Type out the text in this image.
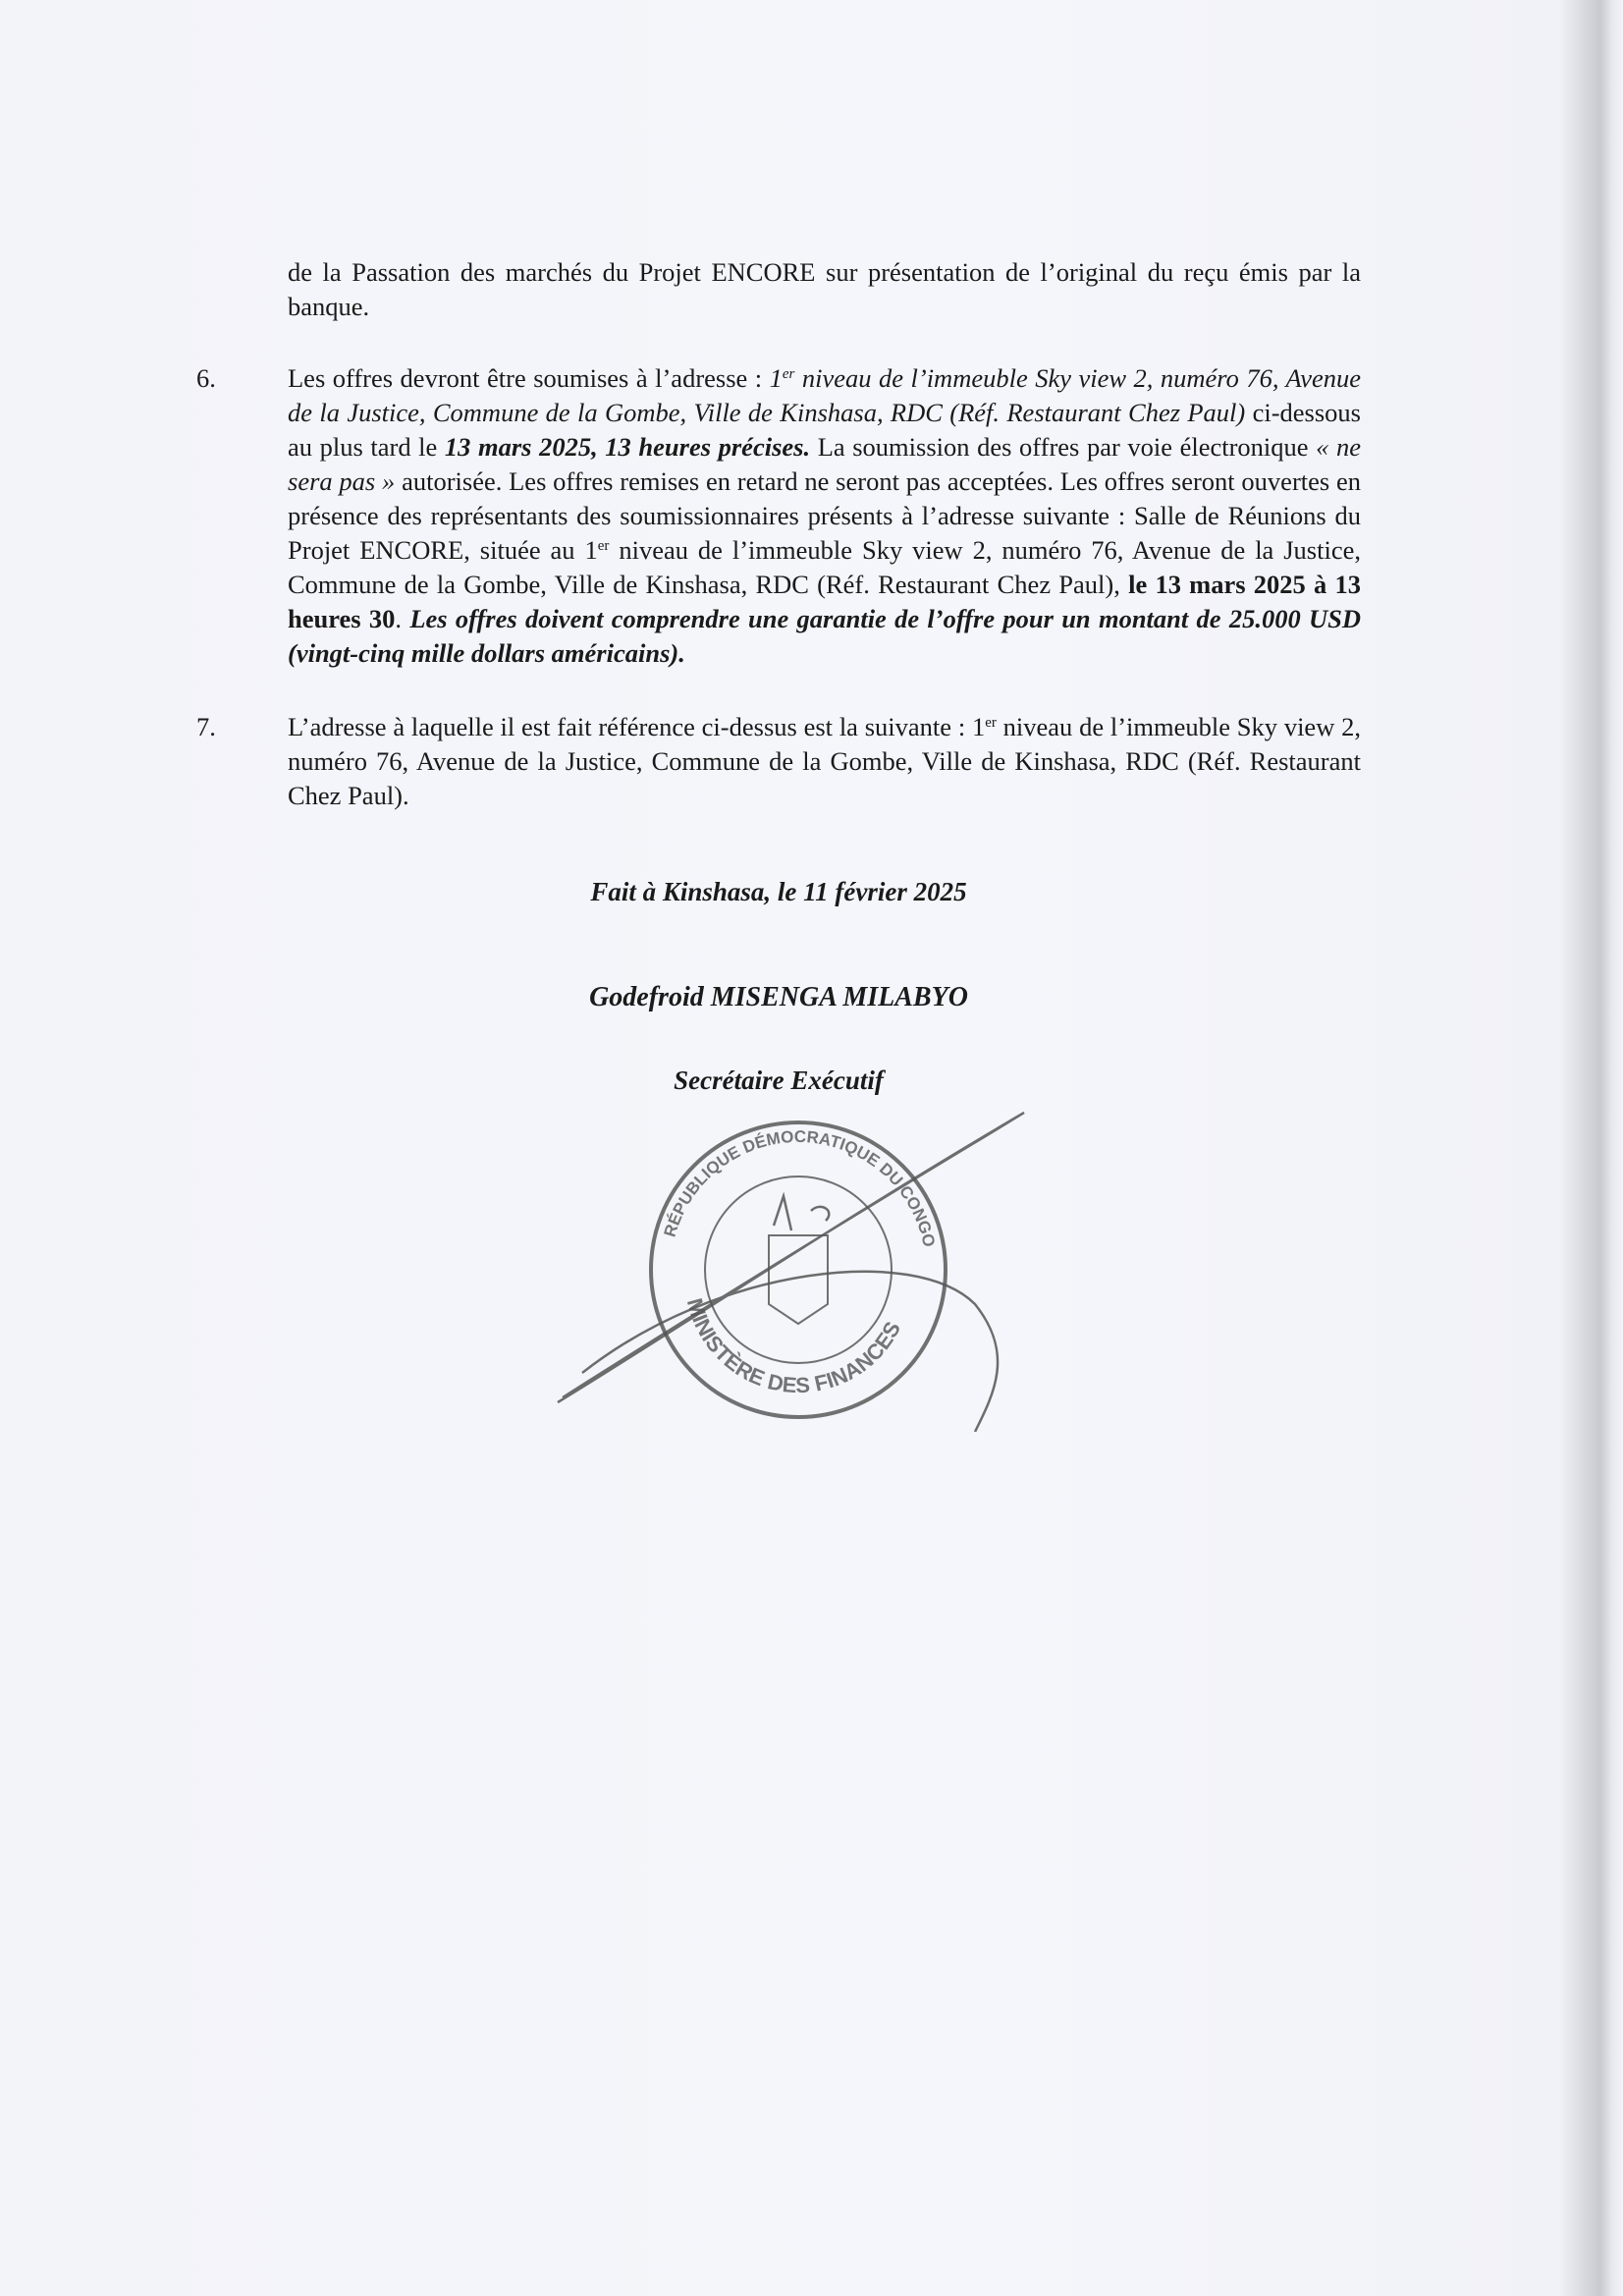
de la Passation des marchés du Projet ENCORE sur présentation de l’original du reçu émis par la banque.
6.	Les offres devront être soumises à l’adresse : 1er niveau de l’immeuble Sky view 2, numéro 76, Avenue de la Justice, Commune de la Gombe, Ville de Kinshasa, RDC (Réf. Restaurant Chez Paul) ci-dessous au plus tard le 13 mars 2025, 13 heures précises. La soumission des offres par voie électronique « ne sera pas » autorisée. Les offres remises en retard ne seront pas acceptées. Les offres seront ouvertes en présence des représentants des soumissionnaires présents à l’adresse suivante : Salle de Réunions du Projet ENCORE, située au 1er niveau de l’immeuble Sky view 2, numéro 76, Avenue de la Justice, Commune de la Gombe, Ville de Kinshasa, RDC (Réf. Restaurant Chez Paul), le 13 mars 2025 à 13 heures 30. Les offres doivent comprendre une garantie de l’offre pour un montant de 25.000 USD (vingt-cinq mille dollars américains).
7.	L’adresse à laquelle il est fait référence ci-dessus est la suivante : 1er niveau de l’immeuble Sky view 2, numéro 76, Avenue de la Justice, Commune de la Gombe, Ville de Kinshasa, RDC (Réf. Restaurant Chez Paul).
Fait à Kinshasa, le 11 février 2025
Godefroid MISENGA MILABYO
Secrétaire Exécutif
RÉPUBLIQUE DÉMOCRATIQUE DU CONGO
MINISTÈRE DES FINANCES
